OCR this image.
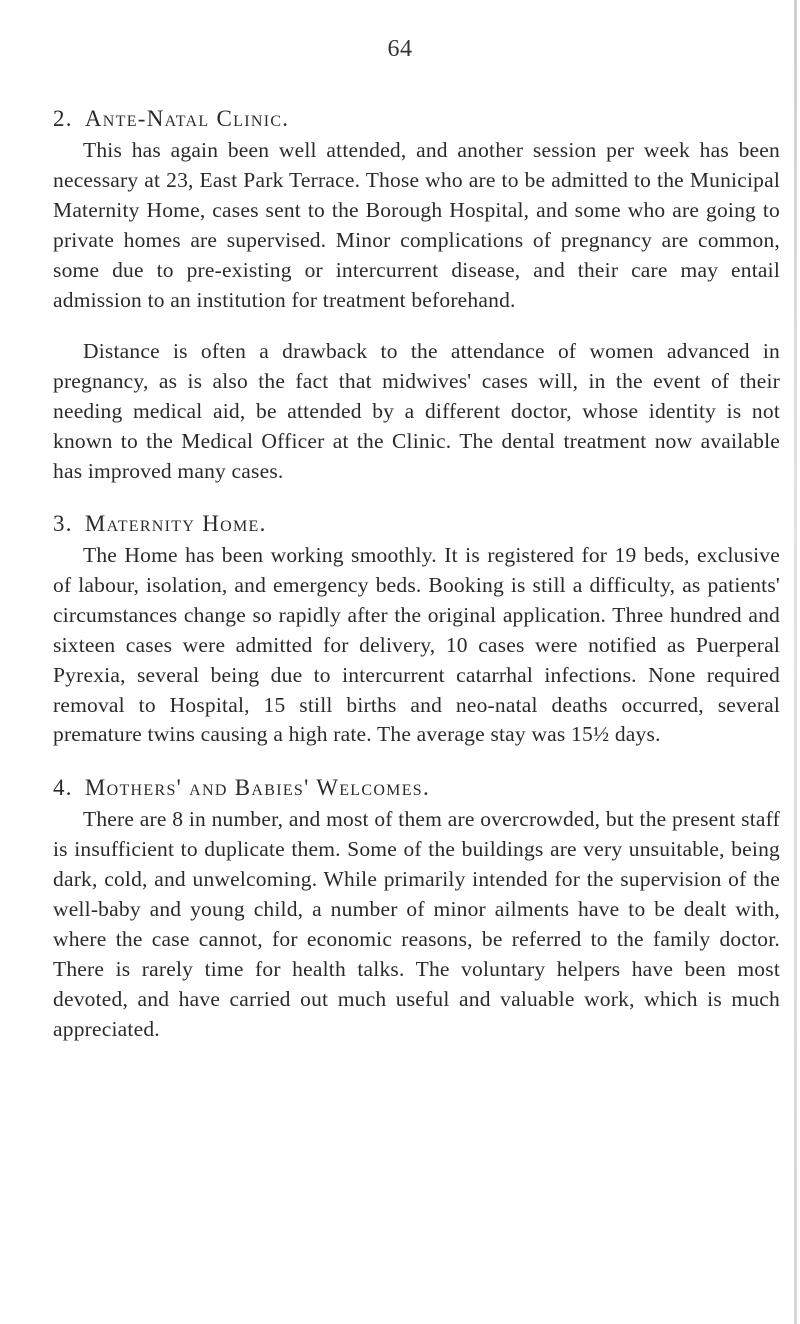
64
2. Ante-Natal Clinic.

This has again been well attended, and another session per week has been necessary at 23, East Park Terrace. Those who are to be admitted to the Municipal Maternity Home, cases sent to the Borough Hospital, and some who are going to private homes are supervised. Minor complications of pregnancy are common, some due to pre-existing or intercurrent disease, and their care may entail admission to an institution for treatment beforehand.

Distance is often a drawback to the attendance of women advanced in pregnancy, as is also the fact that midwives' cases will, in the event of their needing medical aid, be attended by a different doctor, whose identity is not known to the Medical Officer at the Clinic. The dental treatment now available has improved many cases.

3. Maternity Home.

The Home has been working smoothly. It is registered for 19 beds, exclusive of labour, isolation, and emergency beds. Booking is still a difficulty, as patients' circumstances change so rapidly after the original application. Three hundred and sixteen cases were admitted for delivery, 10 cases were notified as Puerperal Pyrexia, several being due to intercurrent catarrhal infections. None required removal to Hospital, 15 still births and neo-natal deaths occurred, several premature twins causing a high rate. The average stay was 15½ days.

4. Mothers' and Babies' Welcomes.

There are 8 in number, and most of them are overcrowded, but the present staff is insufficient to duplicate them. Some of the buildings are very unsuitable, being dark, cold, and unwelcoming. While primarily intended for the supervision of the well-baby and young child, a number of minor ailments have to be dealt with, where the case cannot, for economic reasons, be referred to the family doctor. There is rarely time for health talks. The voluntary helpers have been most devoted, and have carried out much useful and valuable work, which is much appreciated.
